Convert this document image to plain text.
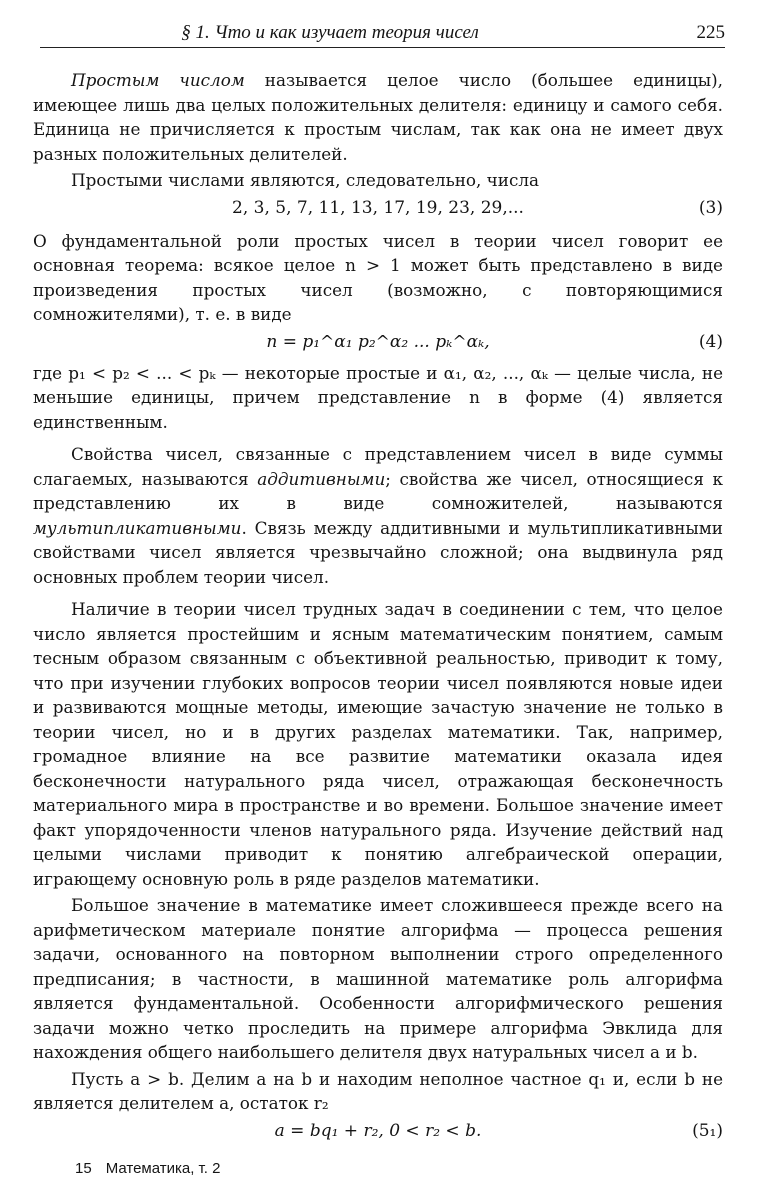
§ 1. Что и как изучает теория чисел	225

Простым числом называется целое число (большее единицы), имеющее лишь два целых положительных делителя: единицу и самого себя. Единица не причисляется к простым числам, так как она не имеет двух разных положительных делителей.

Простыми числами являются, следовательно, числа

2, 3, 5, 7, 11, 13, 17, 19, 23, 29,...	(3)

О фундаментальной роли простых чисел в теории чисел говорит ее основная теорема: всякое целое n > 1 может быть представлено в виде произведения простых чисел (возможно, с повторяющимися сомножителями), т. е. в виде

n = p₁^α₁ p₂^α₂ ... pₖ^αₖ,	(4)

где p₁ < p₂ < ... < pₖ — некоторые простые и α₁, α₂, ..., αₖ — целые числа, не меньшие единицы, причем представление n в форме (4) является единственным.

Свойства чисел, связанные с представлением чисел в виде суммы слагаемых, называются аддитивными; свойства же чисел, относящиеся к представлению их в виде сомножителей, называются мультипликативными. Связь между аддитивными и мультипликативными свойствами чисел является чрезвычайно сложной; она выдвинула ряд основных проблем теории чисел.

Наличие в теории чисел трудных задач в соединении с тем, что целое число является простейшим и ясным математическим понятием, самым тесным образом связанным с объективной реальностью, приводит к тому, что при изучении глубоких вопросов теории чисел появляются новые идеи и развиваются мощные методы, имеющие зачастую значение не только в теории чисел, но и в других разделах математики. Так, например, громадное влияние на все развитие математики оказала идея бесконечности натурального ряда чисел, отражающая бесконечность материального мира в пространстве и во времени. Большое значение имеет факт упорядоченности членов натурального ряда. Изучение действий над целыми числами приводит к понятию алгебраической операции, играющему основную роль в ряде разделов математики.

Большое значение в математике имеет сложившееся прежде всего на арифметическом материале понятие алгорифма — процесса решения задачи, основанного на повторном выполнении строго определенного предписания; в частности, в машинной математике роль алгорифма является фундаментальной. Особенности алгорифмического решения задачи можно четко проследить на примере алгорифма Эвклида для нахождения общего наибольшего делителя двух натуральных чисел a и b.

Пусть a > b. Делим a на b и находим неполное частное q₁ и, если b не является делителем a, остаток r₂

a = bq₁ + r₂, 0 < r₂ < b.	(5₁)
15 Математика, т. 2
